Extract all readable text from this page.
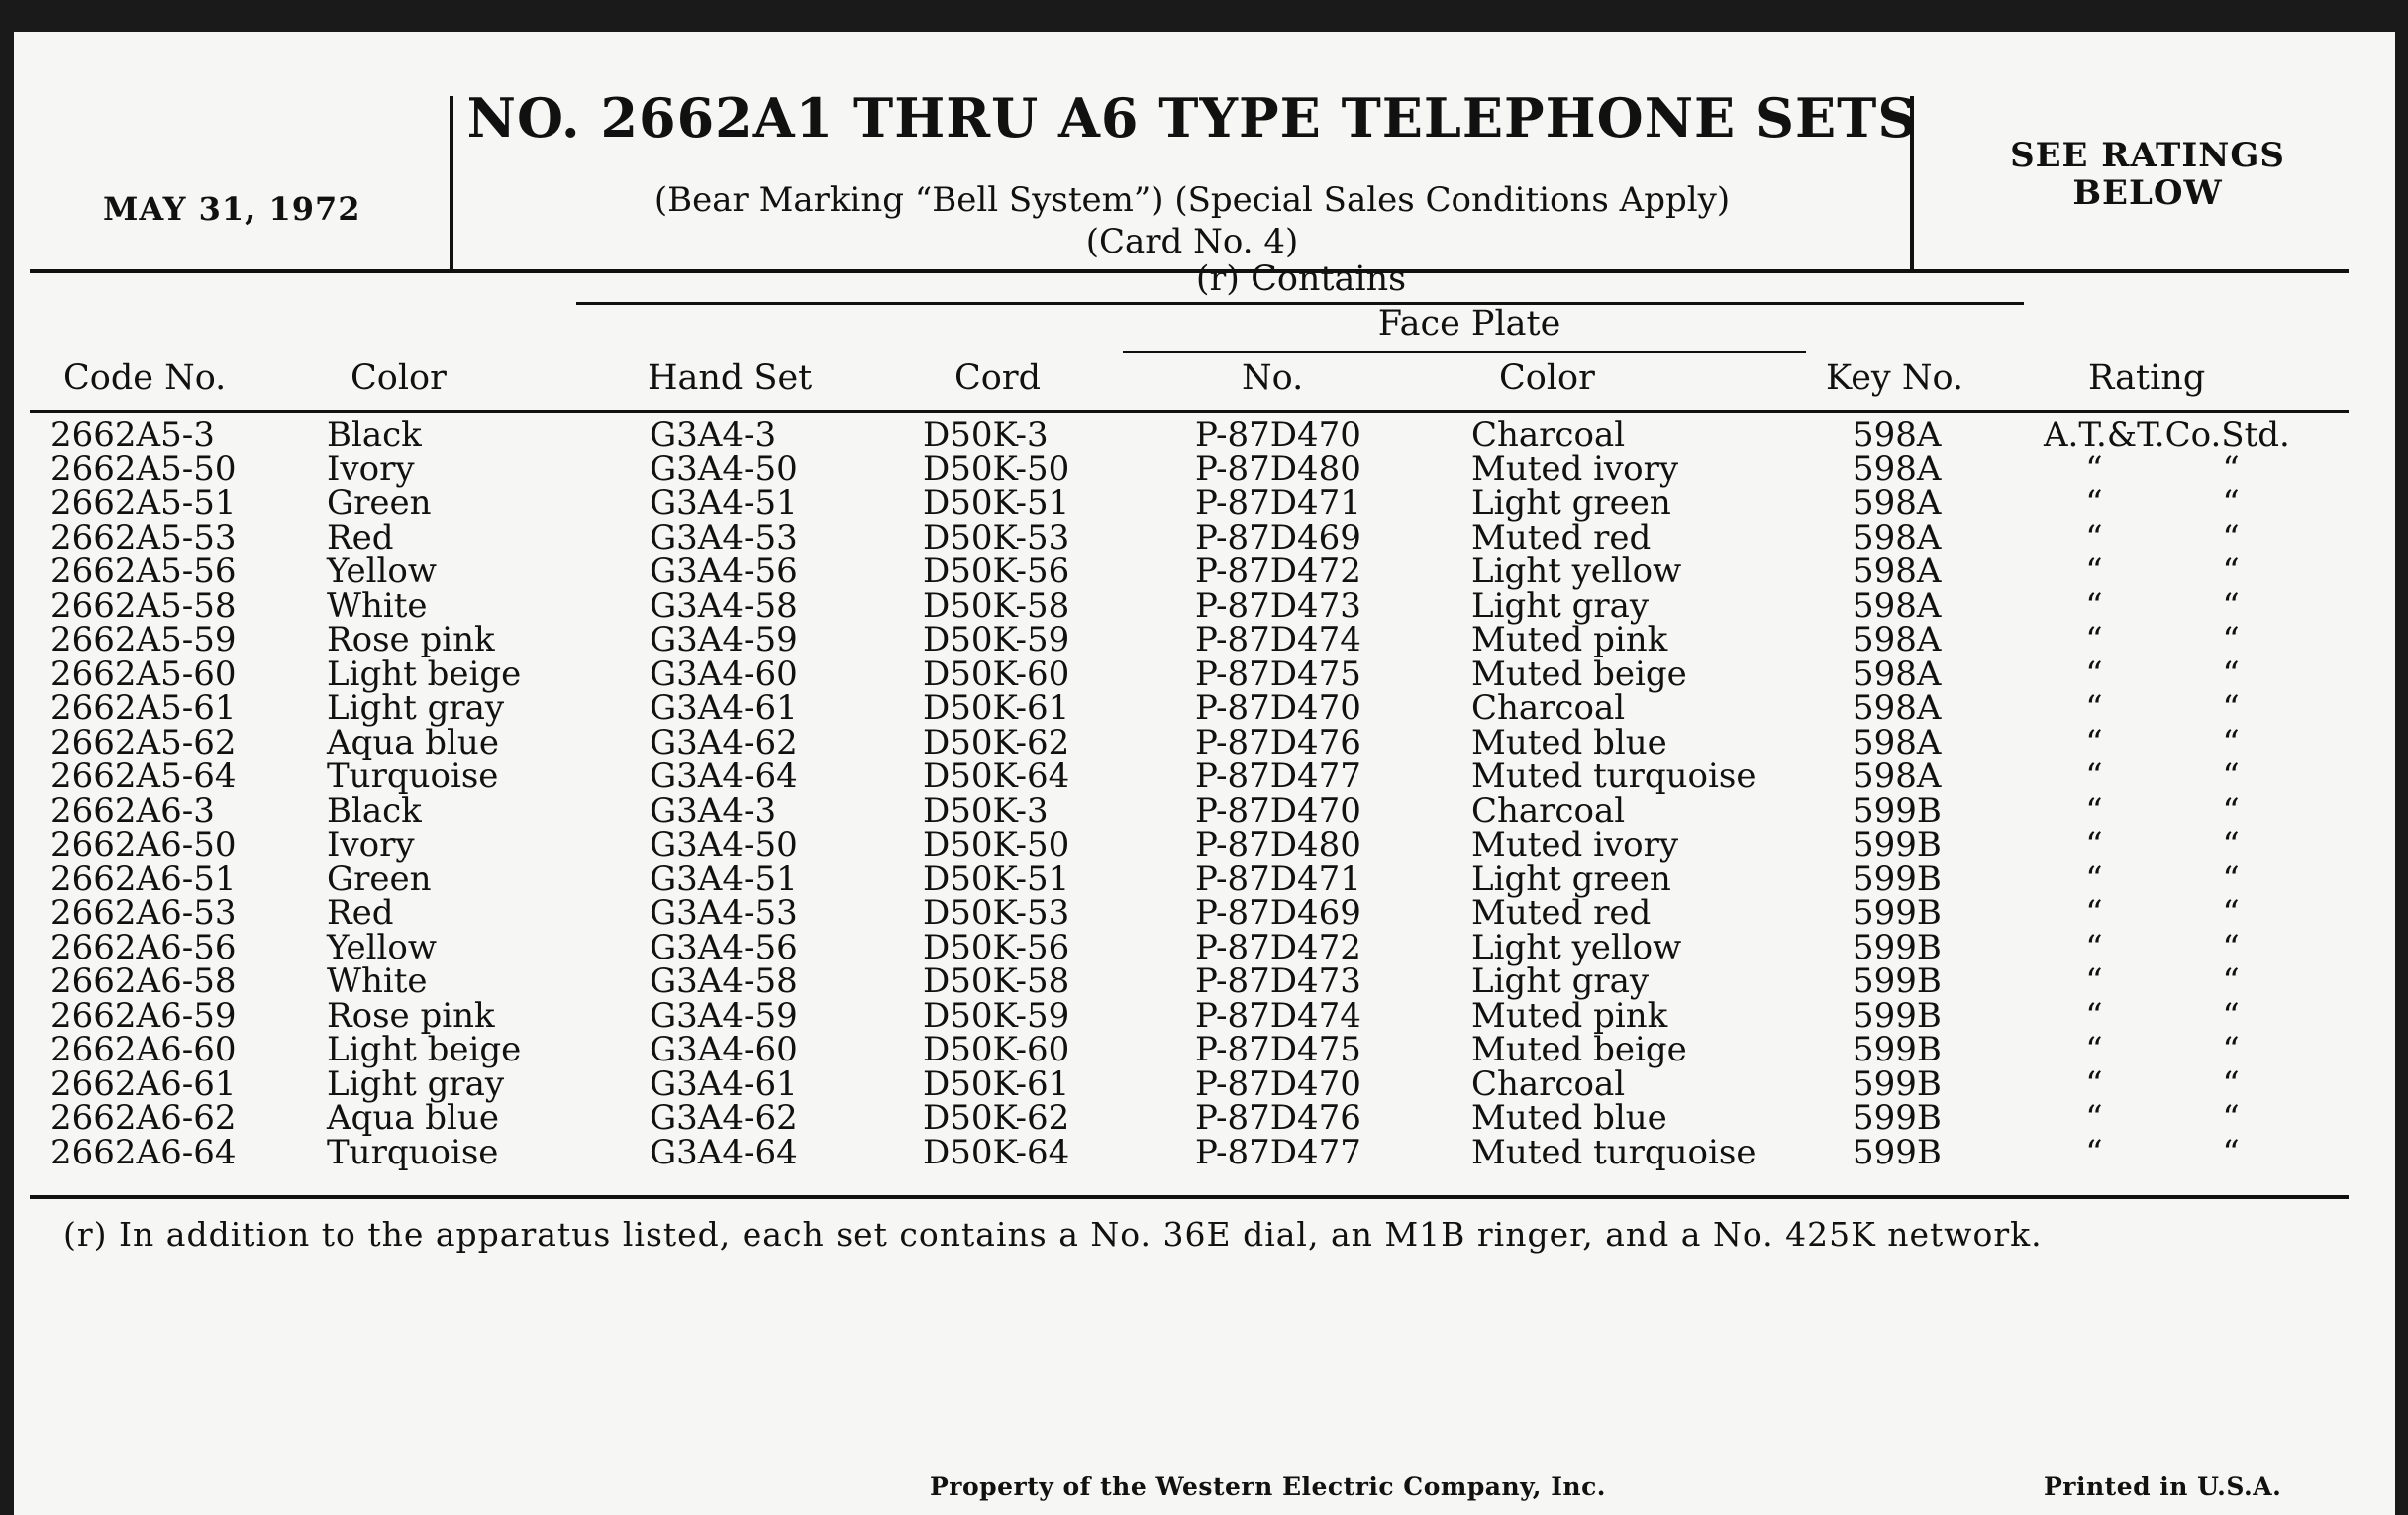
MAY 31, 1972
NO. 2662A1 THRU A6 TYPE TELEPHONE SETS
(Bear Marking “Bell System”) (Special Sales Conditions Apply)
(Card No. 4)
SEE RATINGS
BELOW
(r) Contains
Face Plate
Code No.	Color	Hand Set	Cord	No.	Color	Key No.	Rating
2662A5-3	Black	G3A4-3	D50K-3	P-87D470	Charcoal	598A	A.T.&T.Co.Std.
2662A5-50	Ivory	G3A4-50	D50K-50	P-87D480	Muted ivory	598A	“ “
2662A5-51	Green	G3A4-51	D50K-51	P-87D471	Light green	598A	“ “
2662A5-53	Red	G3A4-53	D50K-53	P-87D469	Muted red	598A	“ “
2662A5-56	Yellow	G3A4-56	D50K-56	P-87D472	Light yellow	598A	“ “
2662A5-58	White	G3A4-58	D50K-58	P-87D473	Light gray	598A	“ “
2662A5-59	Rose pink	G3A4-59	D50K-59	P-87D474	Muted pink	598A	“ “
2662A5-60	Light beige	G3A4-60	D50K-60	P-87D475	Muted beige	598A	“ “
2662A5-61	Light gray	G3A4-61	D50K-61	P-87D470	Charcoal	598A	“ “
2662A5-62	Aqua blue	G3A4-62	D50K-62	P-87D476	Muted blue	598A	“ “
2662A5-64	Turquoise	G3A4-64	D50K-64	P-87D477	Muted turquoise	598A	“ “
2662A6-3	Black	G3A4-3	D50K-3	P-87D470	Charcoal	599B	“ “
2662A6-50	Ivory	G3A4-50	D50K-50	P-87D480	Muted ivory	599B	“ “
2662A6-51	Green	G3A4-51	D50K-51	P-87D471	Light green	599B	“ “
2662A6-53	Red	G3A4-53	D50K-53	P-87D469	Muted red	599B	“ “
2662A6-56	Yellow	G3A4-56	D50K-56	P-87D472	Light yellow	599B	“ “
2662A6-58	White	G3A4-58	D50K-58	P-87D473	Light gray	599B	“ “
2662A6-59	Rose pink	G3A4-59	D50K-59	P-87D474	Muted pink	599B	“ “
2662A6-60	Light beige	G3A4-60	D50K-60	P-87D475	Muted beige	599B	“ “
2662A6-61	Light gray	G3A4-61	D50K-61	P-87D470	Charcoal	599B	“ “
2662A6-62	Aqua blue	G3A4-62	D50K-62	P-87D476	Muted blue	599B	“ “
2662A6-64	Turquoise	G3A4-64	D50K-64	P-87D477	Muted turquoise	599B	“ “
(r) In addition to the apparatus listed, each set contains a No. 36E dial, an M1B ringer, and a No. 425K network.
Property of the Western Electric Company, Inc.	Printed in U.S.A.
